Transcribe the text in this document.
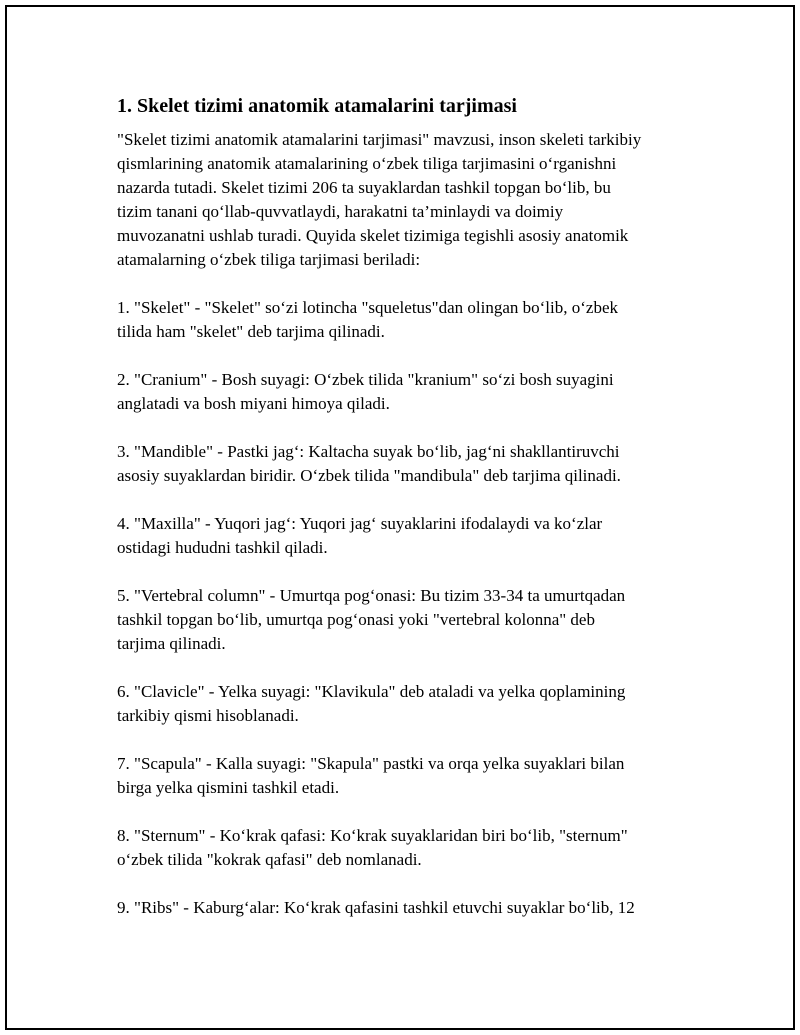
1. Skelet tizimi anatomik atamalarini tarjimasi
"Skelet tizimi anatomik atamalarini tarjimasi" mavzusi, inson skeleti tarkibiy
qismlarining anatomik atamalarining o‘zbek tiliga tarjimasini o‘rganishni
nazarda tutadi. Skelet tizimi 206 ta suyaklardan tashkil topgan bo‘lib, bu
tizim tanani qo‘llab-quvvatlaydi, harakatni ta’minlaydi va doimiy
muvozanatni ushlab turadi. Quyida skelet tizimiga tegishli asosiy anatomik
atamalarning o‘zbek tiliga tarjimasi beriladi:
1. "Skelet" - "Skelet" so‘zi lotincha "squeletus"dan olingan bo‘lib, o‘zbek
tilida ham "skelet" deb tarjima qilinadi.
2. "Cranium" - Bosh suyagi: O‘zbek tilida "kranium" so‘zi bosh suyagini
anglatadi va bosh miyani himoya qiladi.
3. "Mandible" - Pastki jag‘: Kaltacha suyak bo‘lib, jag‘ni shakllantiruvchi
asosiy suyaklardan biridir. O‘zbek tilida "mandibula" deb tarjima qilinadi.
4. "Maxilla" - Yuqori jag‘: Yuqori jag‘ suyaklarini ifodalaydi va ko‘zlar
ostidagi hududni tashkil qiladi.
5. "Vertebral column" - Umurtqa pog‘onasi: Bu tizim 33-34 ta umurtqadan
tashkil topgan bo‘lib, umurtqa pog‘onasi yoki "vertebral kolonna" deb
tarjima qilinadi.
6. "Clavicle" - Yelka suyagi: "Klavikula" deb ataladi va yelka qoplamining
tarkibiy qismi hisoblanadi.
7. "Scapula" - Kalla suyagi: "Skapula" pastki va orqa yelka suyaklari bilan
birga yelka qismini tashkil etadi.
8. "Sternum" - Ko‘krak qafasi: Ko‘krak suyaklaridan biri bo‘lib, "sternum"
o‘zbek tilida "kokrak qafasi" deb nomlanadi.
9. "Ribs" - Kaburg‘alar: Ko‘krak qafasini tashkil etuvchi suyaklar bo‘lib, 12
